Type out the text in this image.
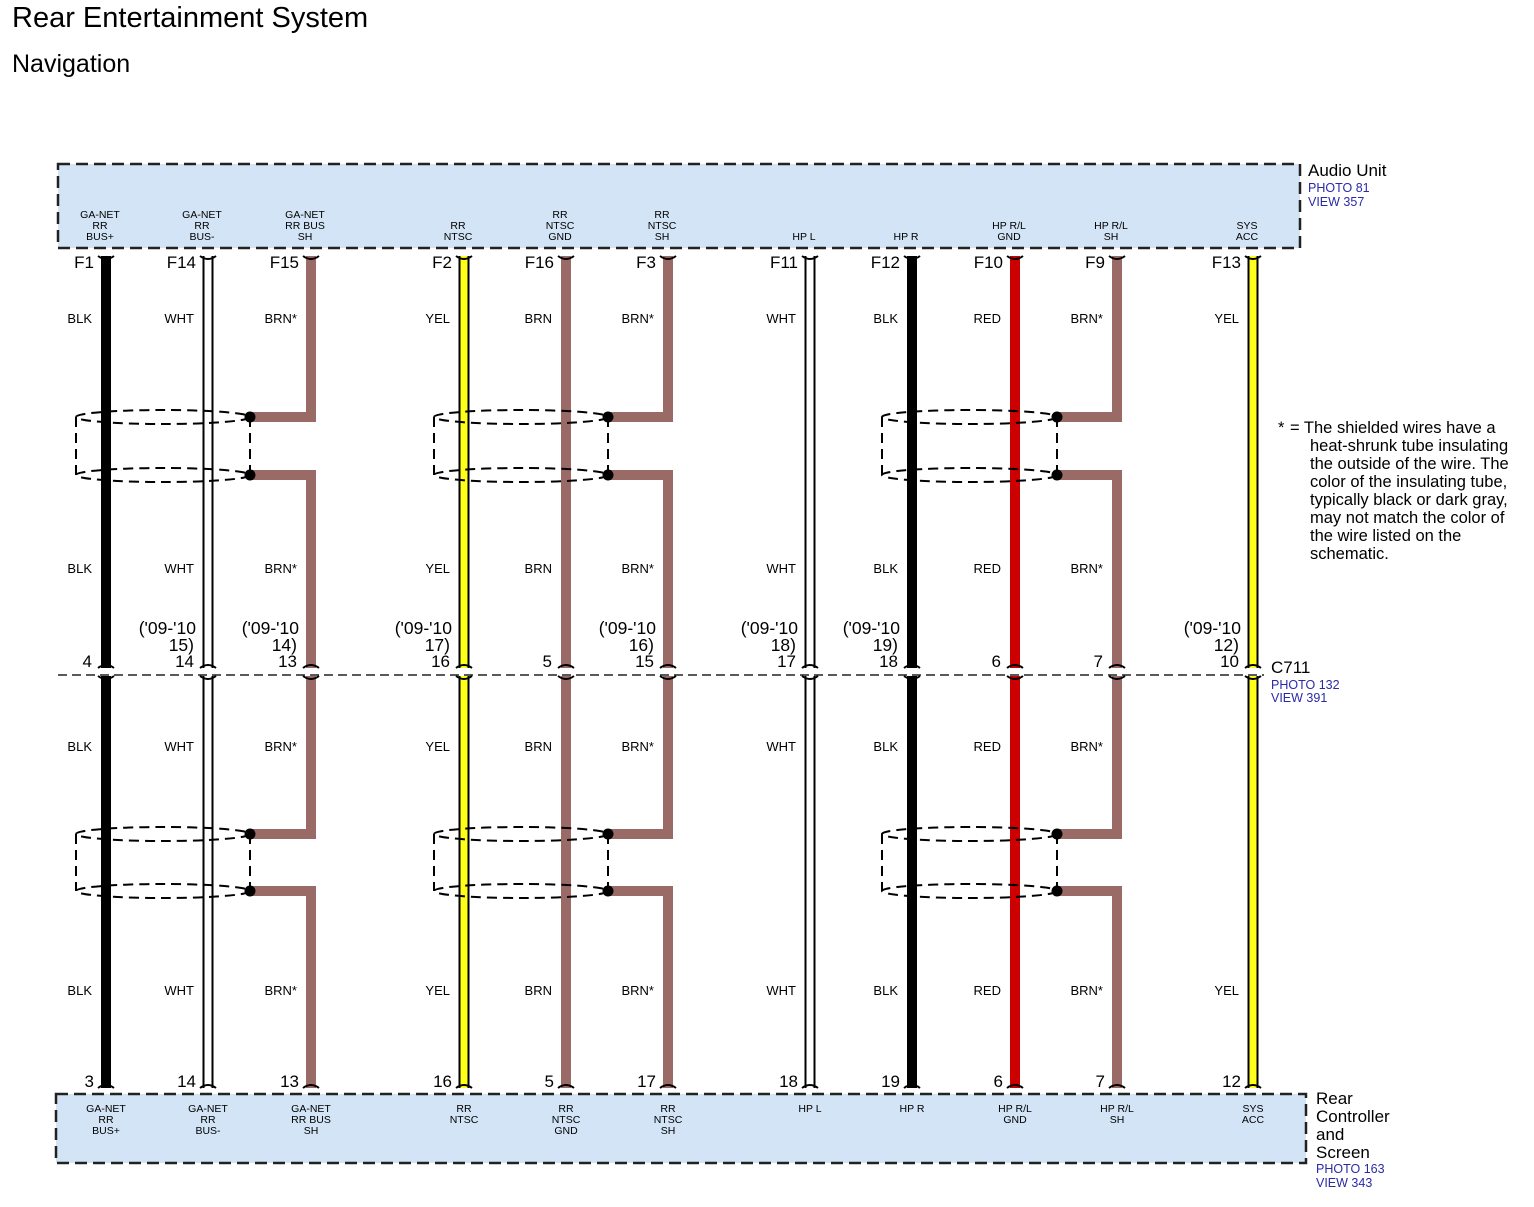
Rear Entertainment System
Navigation
GA-NET
RR
BUS+
F1
BLK
BLK
BLK
BLK
4
3
GA-NET
RR
BUS+
GA-NET
RR
BUS-
F14
WHT
WHT
WHT
WHT
14
('09-'10
15)
14
GA-NET
RR
BUS-
GA-NET
RR BUS
SH
F15
BRN*
BRN*
BRN*
BRN*
13
('09-'10
14)
13
GA-NET
RR BUS
SH
RR
NTSC
F2
YEL
YEL
YEL
YEL
16
('09-'10
17)
16
RR
NTSC
RR
NTSC
GND
F16
BRN
BRN
BRN
BRN
5
5
RR
NTSC
GND
RR
NTSC
SH
F3
BRN*
BRN*
BRN*
BRN*
15
('09-'10
16)
17
RR
NTSC
SH
HP L
F11
WHT
WHT
WHT
WHT
17
('09-'10
18)
18
HP L
HP R
F12
BLK
BLK
BLK
BLK
18
('09-'10
19)
19
HP R
HP R/L
GND
F10
RED
RED
RED
RED
6
6
HP R/L
GND
HP R/L
SH
F9
BRN*
BRN*
BRN*
BRN*
7
7
HP R/L
SH
SYS
ACC
F13
YEL
YEL
10
('09-'10
12)
12
SYS
ACC
Audio Unit
PHOTO 81
VIEW 357
C711
PHOTO 132
VIEW 391
Rear
Controller
and
Screen
PHOTO 163
VIEW 343
* = The shielded wires have a heat-shrunk tube insulating the outside of the wire. The color of the insulating tube, typically black or dark gray, may not match the color of the wire listed on the schematic.
